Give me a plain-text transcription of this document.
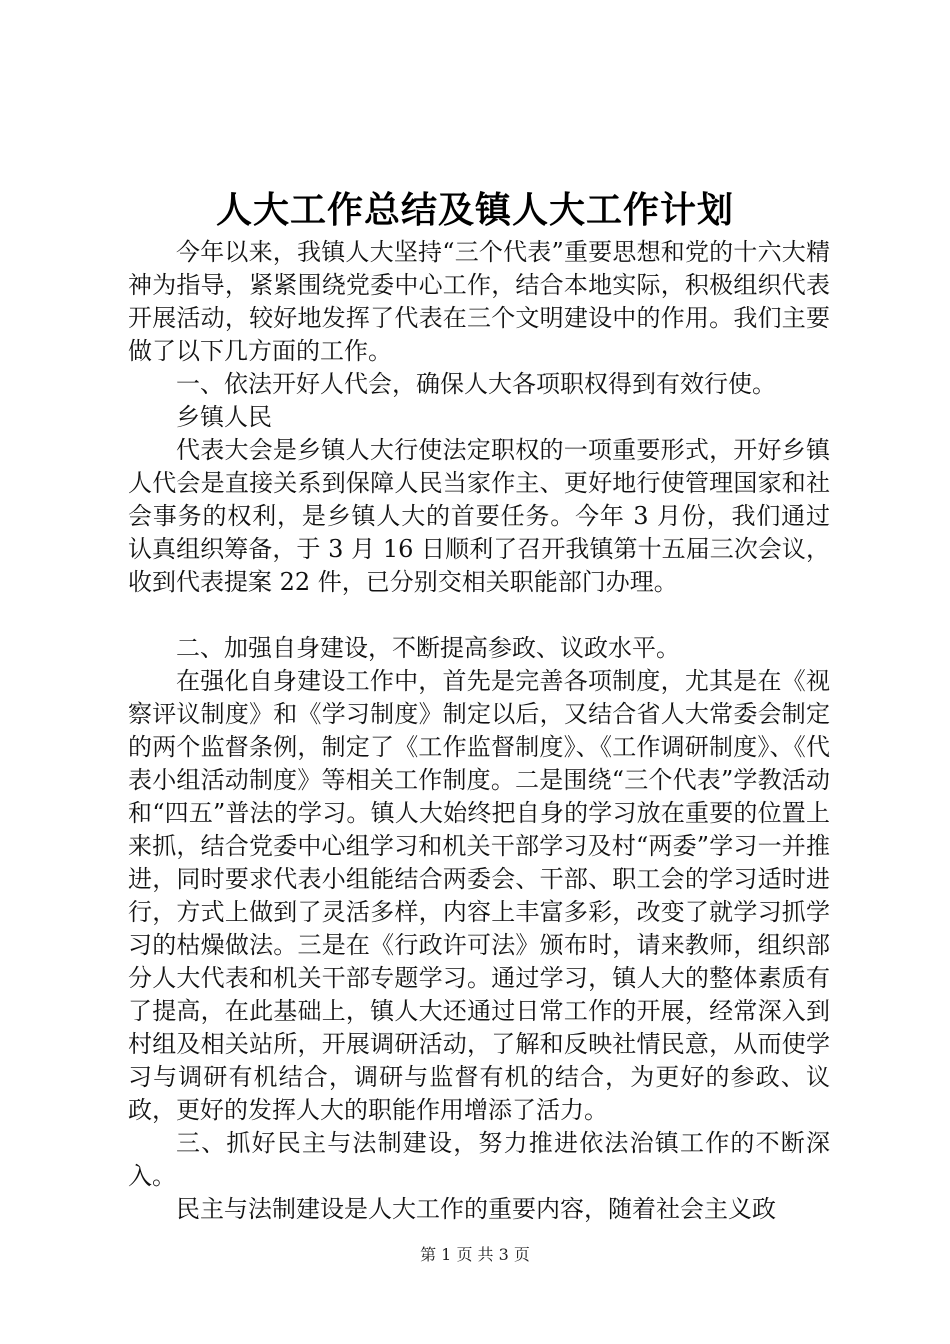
人大工作总结及镇人大工作计划

今年以来，我镇人大坚持“三个代表”重要思想和党的十六大精神为指导，紧紧围绕党委中心工作，结合本地实际，积极组织代表开展活动，较好地发挥了代表在三个文明建设中的作用。我们主要做了以下几方面的工作。

一、依法开好人代会，确保人大各项职权得到有效行使。

乡镇人民

代表大会是乡镇人大行使法定职权的一项重要形式，开好乡镇人代会是直接关系到保障人民当家作主、更好地行使管理国家和社会事务的权利，是乡镇人大的首要任务。今年 3 月份，我们通过认真组织筹备，于 3 月 16 日顺利了召开我镇第十五届三次会议，收到代表提案 22 件，已分别交相关职能部门办理。

二、加强自身建设，不断提高参政、议政水平。

在强化自身建设工作中，首先是完善各项制度，尤其是在《视察评议制度》和《学习制度》制定以后，又结合省人大常委会制定的两个监督条例，制定了《工作监督制度》、《工作调研制度》、《代表小组活动制度》等相关工作制度。二是围绕“三个代表”学教活动和“四五”普法的学习。镇人大始终把自身的学习放在重要的位置上来抓，结合党委中心组学习和机关干部学习及村“两委”学习一并推进，同时要求代表小组能结合两委会、干部、职工会的学习适时进行，方式上做到了灵活多样，内容上丰富多彩，改变了就学习抓学习的枯燥做法。三是在《行政许可法》颁布时，请来教师，组织部分人大代表和机关干部专题学习。通过学习，镇人大的整体素质有了提高，在此基础上，镇人大还通过日常工作的开展，经常深入到村组及相关站所，开展调研活动，了解和反映社情民意，从而使学习与调研有机结合，调研与监督有机的结合，为更好的参政、议政，更好的发挥人大的职能作用增添了活力。

三、抓好民主与法制建设，努力推进依法治镇工作的不断深入。

民主与法制建设是人大工作的重要内容，随着社会主义政

第 1 页 共 3 页
